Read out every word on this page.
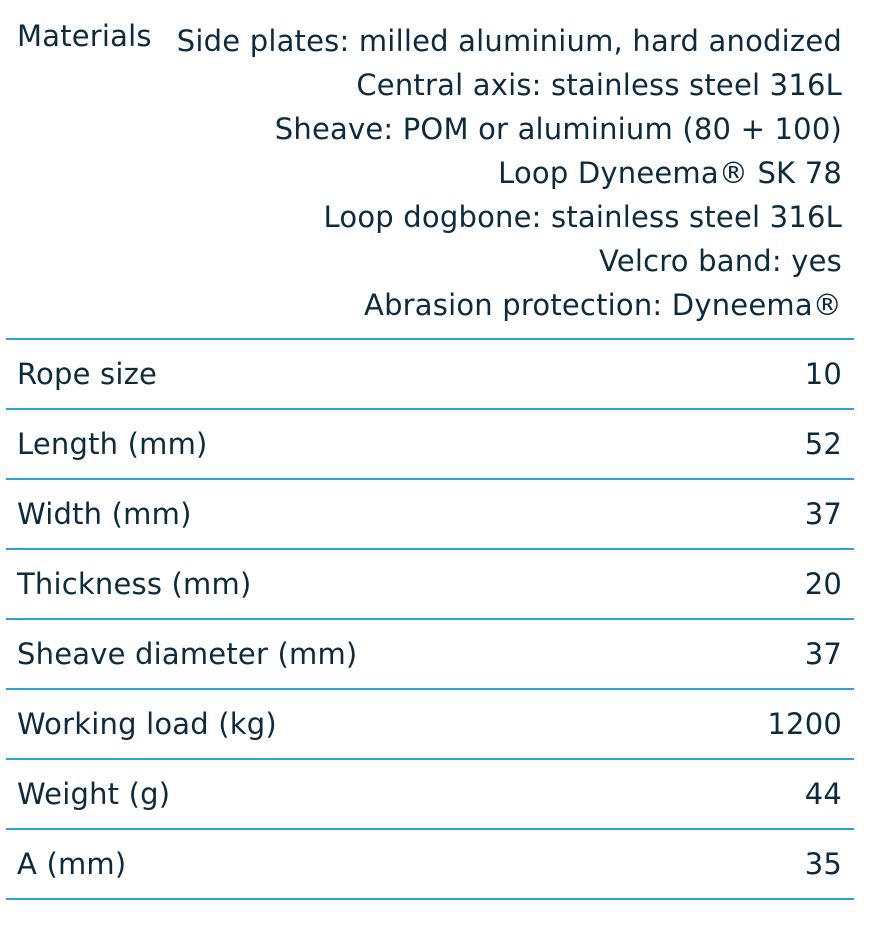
Materials Side plates: milled aluminium, hard anodized
Central axis: stainless steel 316L
Sheave: POM or aluminium (80 + 100)
Loop Dyneema® SK 78
Loop dogbone: stainless steel 316L
Velcro band: yes
Abrasion protection: Dyneema®
Rope size	10
Length (mm)	52
Width (mm)	37
Thickness (mm)	20
Sheave diameter (mm)	37
Working load (kg)	1200
Weight (g)	44
A (mm)	35
